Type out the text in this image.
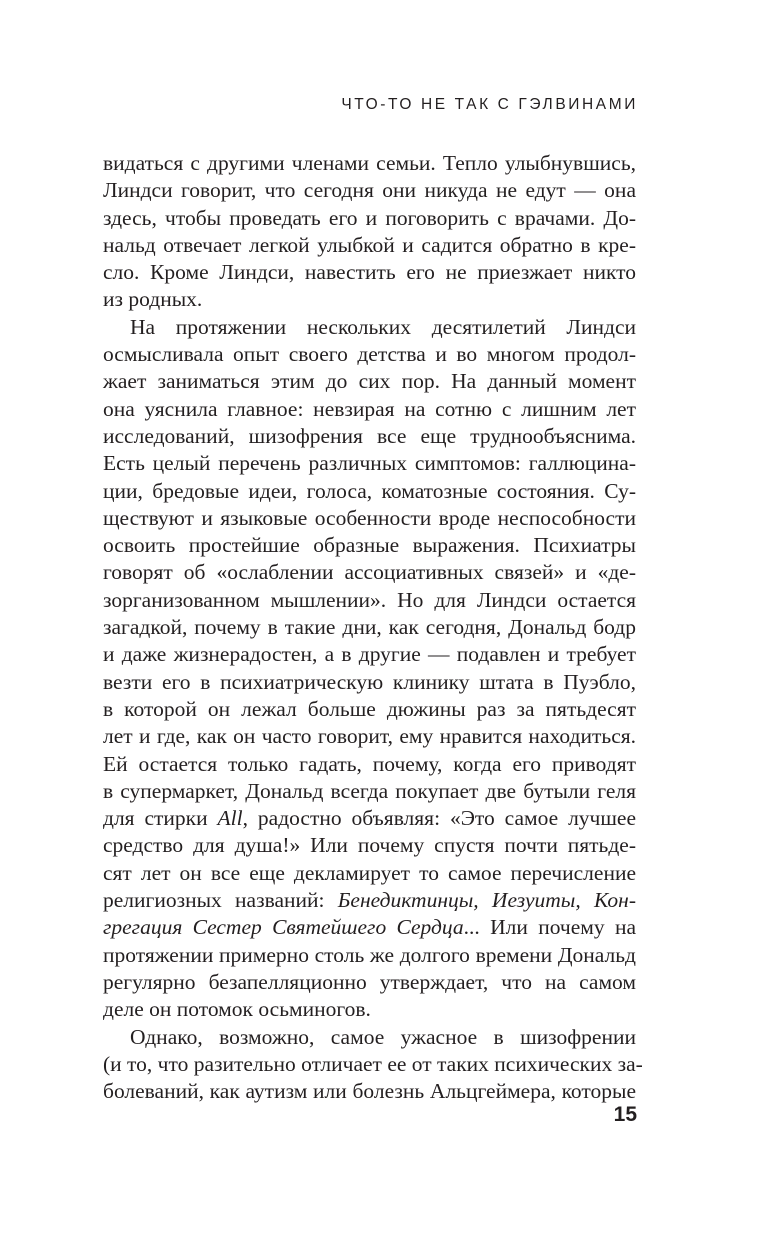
ЧТО-ТО НЕ ТАК С ГЭЛВИНАМИ
видаться с другими членами семьи. Тепло улыбнувшись,
Линдси говорит, что сегодня они никуда не едут — она
здесь, чтобы проведать его и поговорить с врачами. До-
нальд отвечает легкой улыбкой и садится обратно в кре-
сло. Кроме Линдси, навестить его не приезжает никто
из родных.
На протяжении нескольких десятилетий Линдси
осмысливала опыт своего детства и во многом продол-
жает заниматься этим до сих пор. На данный момент
она уяснила главное: невзирая на сотню с лишним лет
исследований, шизофрения все еще труднообъяснима.
Есть целый перечень различных симптомов: галлюцина-
ции, бредовые идеи, голоса, коматозные состояния. Су-
ществуют и языковые особенности вроде неспособности
освоить простейшие образные выражения. Психиатры
говорят об «ослаблении ассоциативных связей» и «де-
зорганизованном мышлении». Но для Линдси остается
загадкой, почему в такие дни, как сегодня, Дональд бодр
и даже жизнерадостен, а в другие — подавлен и требует
везти его в психиатрическую клинику штата в Пуэбло,
в которой он лежал больше дюжины раз за пятьдесят
лет и где, как он часто говорит, ему нравится находиться.
Ей остается только гадать, почему, когда его приводят
в супермаркет, Дональд всегда покупает две бутыли геля
для стирки All, радостно объявляя: «Это самое лучшее
средство для душа!» Или почему спустя почти пятьде-
сят лет он все еще декламирует то самое перечисление
религиозных названий: Бенедиктинцы, Иезуиты, Кон-
грегация Сестер Святейшего Сердца... Или почему на
протяжении примерно столь же долгого времени Дональд
регулярно безапелляционно утверждает, что на самом
деле он потомок осьминогов.
Однако, возможно, самое ужасное в шизофрении
(и то, что разительно отличает ее от таких психических за-
болеваний, как аутизм или болезнь Альцгеймера, которые
15
